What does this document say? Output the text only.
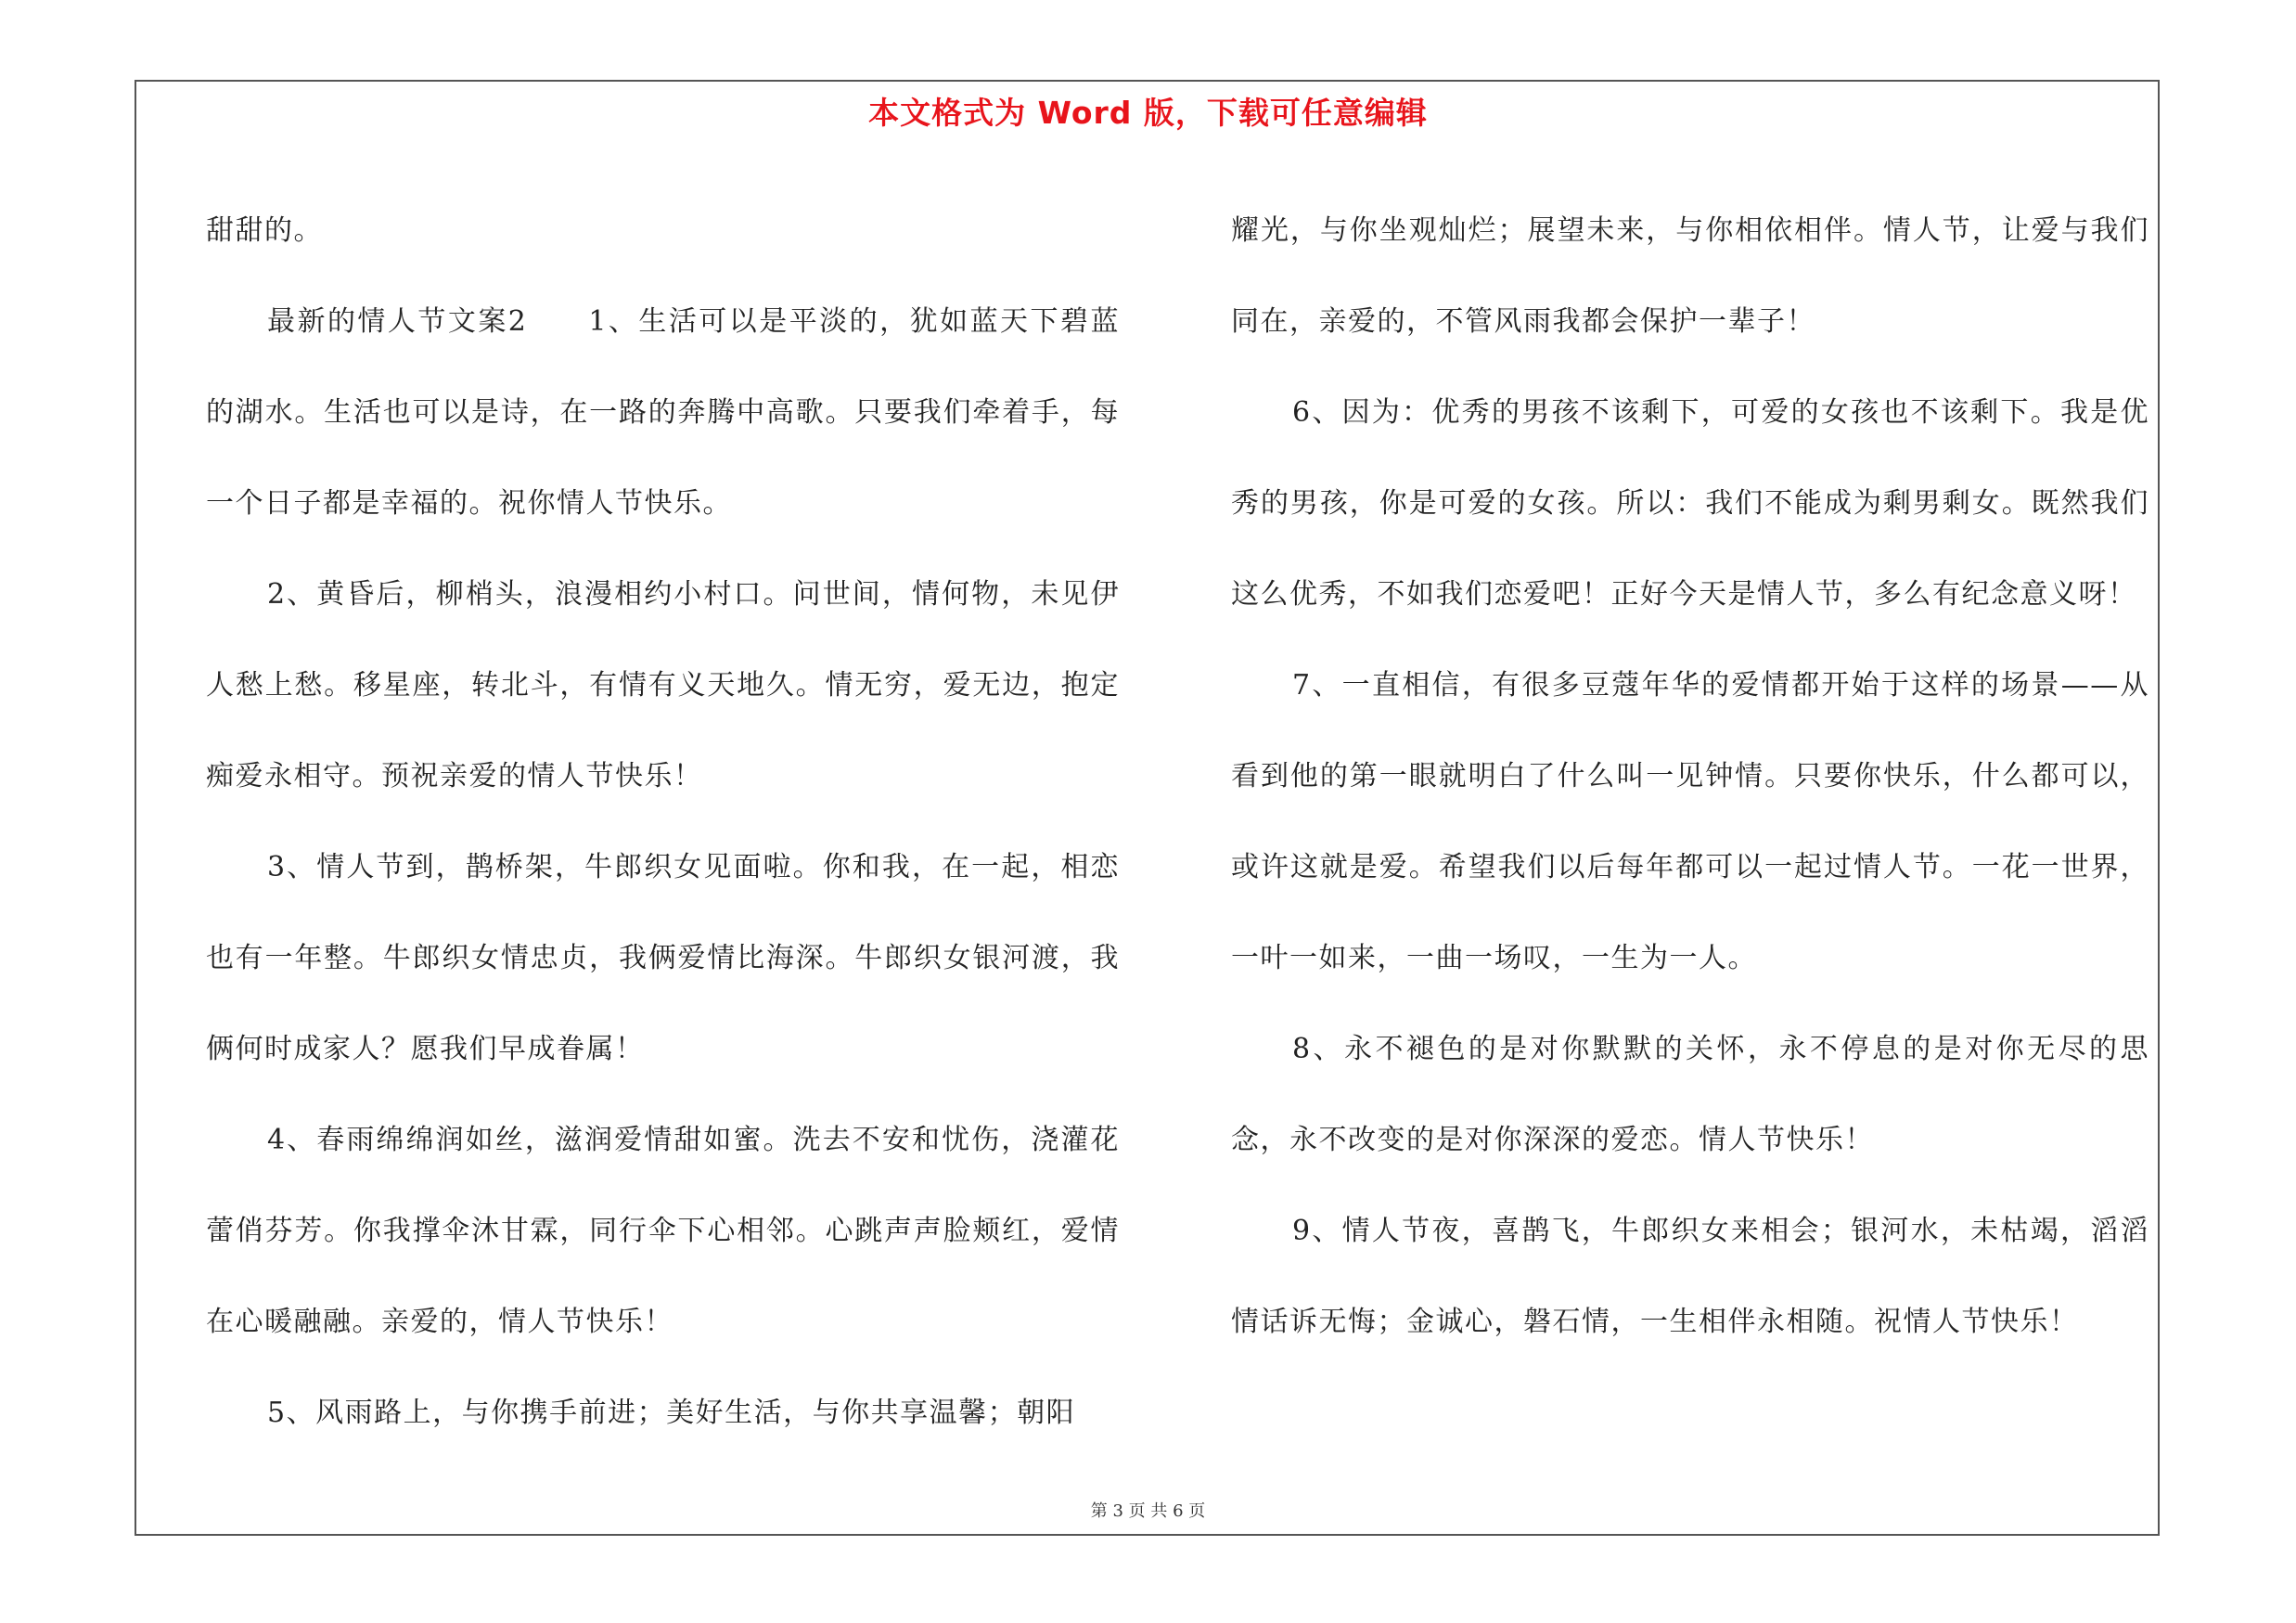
本文格式为 Word 版，下载可任意编辑

甜甜的。

最新的情人节文案2　　1、生活可以是平淡的，犹如蓝天下碧蓝的湖水。生活也可以是诗，在一路的奔腾中高歌。只要我们牵着手，每一个日子都是幸福的。祝你情人节快乐。

2、黄昏后，柳梢头，浪漫相约小村口。问世间，情何物，未见伊人愁上愁。移星座，转北斗，有情有义天地久。情无穷，爱无边，抱定痴爱永相守。预祝亲爱的情人节快乐！

3、情人节到，鹊桥架，牛郎织女见面啦。你和我，在一起，相恋也有一年整。牛郎织女情忠贞，我俩爱情比海深。牛郎织女银河渡，我俩何时成家人？愿我们早成眷属！

4、春雨绵绵润如丝，滋润爱情甜如蜜。洗去不安和忧伤，浇灌花蕾俏芬芳。你我撑伞沐甘霖，同行伞下心相邻。心跳声声脸颊红，爱情在心暖融融。亲爱的，情人节快乐！

5、风雨路上，与你携手前进；美好生活，与你共享温馨；朝阳

耀光，与你坐观灿烂；展望未来，与你相依相伴。情人节，让爱与我们同在，亲爱的，不管风雨我都会保护一辈子！

6、因为：优秀的男孩不该剩下，可爱的女孩也不该剩下。我是优秀的男孩，你是可爱的女孩。所以：我们不能成为剩男剩女。既然我们这么优秀，不如我们恋爱吧！正好今天是情人节，多么有纪念意义呀！

7、一直相信，有很多豆蔻年华的爱情都开始于这样的场景——从看到他的第一眼就明白了什么叫一见钟情。只要你快乐，什么都可以，或许这就是爱。希望我们以后每年都可以一起过情人节。一花一世界，一叶一如来，一曲一场叹，一生为一人。

8、永不褪色的是对你默默的关怀，永不停息的是对你无尽的思念，永不改变的是对你深深的爱恋。情人节快乐！

9、情人节夜，喜鹊飞，牛郎织女来相会；银河水，未枯竭，滔滔情话诉无悔；金诚心，磐石情，一生相伴永相随。祝情人节快乐！

第 3 页 共 6 页
